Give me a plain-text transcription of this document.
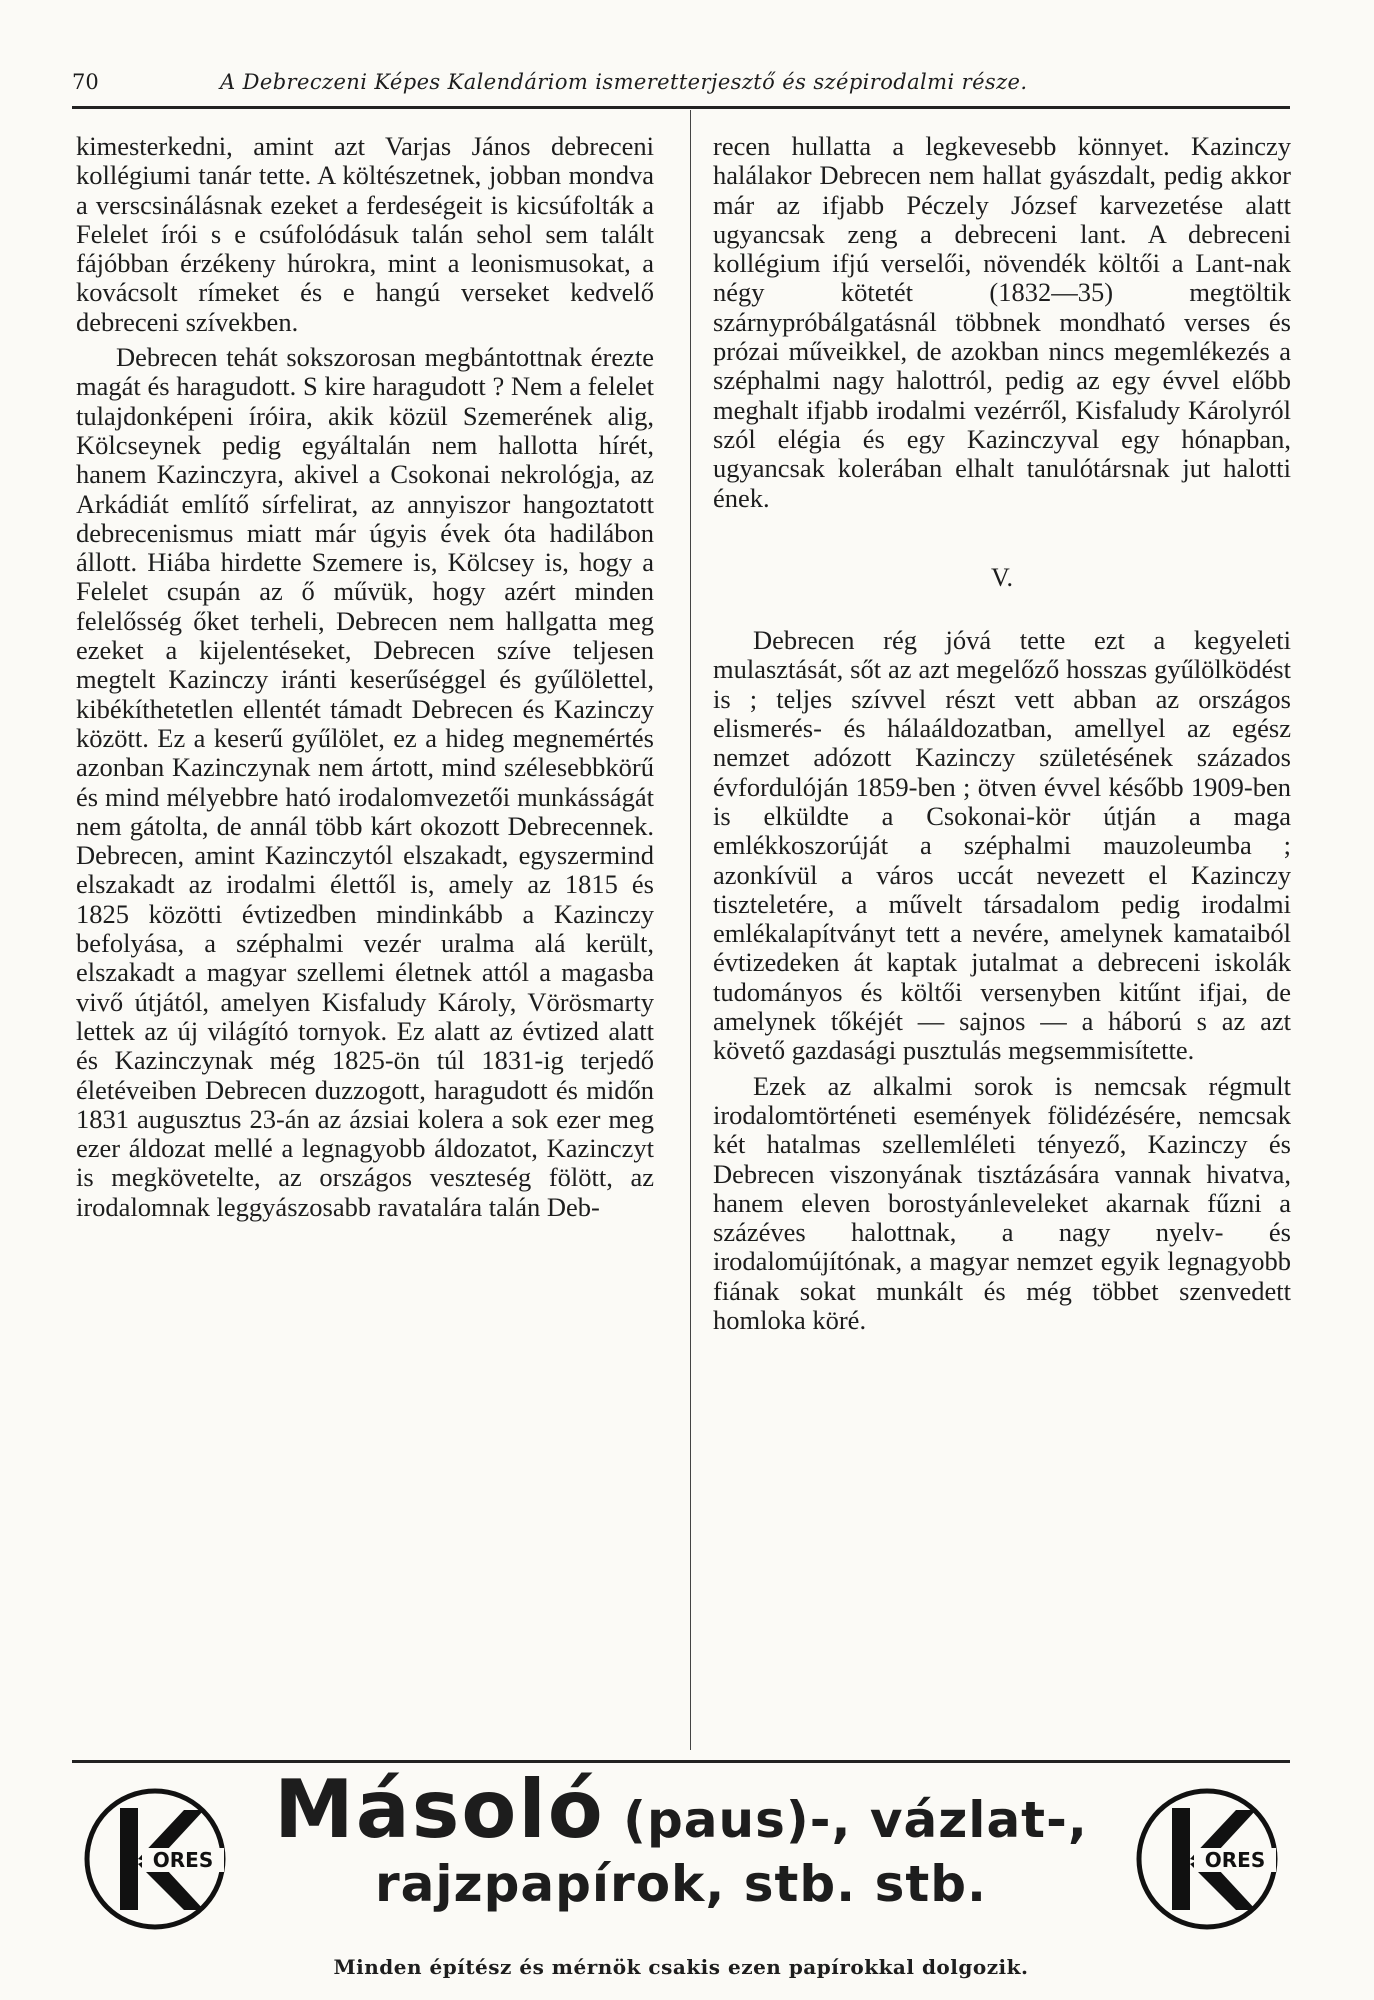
70	A Debreczeni Képes Kalendáriom ismeretterjesztő és szépirodalmi része.

kimesterkedni, amint azt Varjas János debreceni kollégiumi tanár tette. A költészetnek, jobban mondva a verscsinálásnak ezeket a ferdeségeit is kicsúfolták a Felelet írói s e csúfolódásuk talán sehol sem talált fájóbban érzékeny húrokra, mint a leonismusokat, a kovácsolt rímeket és e hangú verseket kedvelő debreceni szívekben.

Debrecen tehát sokszorosan megbántottnak érezte magát és haragudott. S kire haragudott ? Nem a felelet tulajdonképeni íróira, akik közül Szemerének alig, Kölcseynek pedig egyáltalán nem hallotta hírét, hanem Kazinczyra, akivel a Csokonai nekrológja, az Arkádiát említő sírfelirat, az annyiszor hangoztatott debrecenismus miatt már úgyis évek óta hadilábon állott. Hiába hirdette Szemere is, Kölcsey is, hogy a Felelet csupán az ő művük, hogy azért minden felelősség őket terheli, Debrecen nem hallgatta meg ezeket a kijelentéseket, Debrecen szíve teljesen megtelt Kazinczy iránti keserűséggel és gyűlölettel, kibékíthetetlen ellentét támadt Debrecen és Kazinczy között. Ez a keserű gyűlölet, ez a hideg megnemértés azonban Kazinczynak nem ártott, mind szélesebbkörű és mind mélyebbre ható irodalomvezetői munkásságát nem gátolta, de annál több kárt okozott Debrecennek. Debrecen, amint Kazinczytól elszakadt, egyszermind elszakadt az irodalmi élettől is, amely az 1815 és 1825 közötti évtizedben mindinkább a Kazinczy befolyása, a széphalmi vezér uralma alá került, elszakadt a magyar szellemi életnek attól a magasba vivő útjától, amelyen Kisfaludy Károly, Vörösmarty lettek az új világító tornyok. Ez alatt az évtized alatt és Kazinczynak még 1825-ön túl 1831-ig terjedő életéveiben Debrecen duzzogott, haragudott és midőn 1831 augusztus 23-án az ázsiai kolera a sok ezer meg ezer áldozat mellé a legnagyobb áldozatot, Kazinczyt is megkövetelte, az országos veszteség fölött, az irodalomnak leggyászosabb ravatalára talán Deb-

recen hullatta a legkevesebb könnyet. Kazinczy halálakor Debrecen nem hallat gyászdalt, pedig akkor már az ifjabb Péczely József karvezetése alatt ugyancsak zeng a debreceni lant. A debreceni kollégium ifjú verselői, növendék költői a Lant-nak négy kötetét (1832—35) megtöltik szárnypróbálgatásnál többnek mondható verses és prózai műveikkel, de azokban nincs megemlékezés a széphalmi nagy halottról, pedig az egy évvel előbb meghalt ifjabb irodalmi vezérről, Kisfaludy Károlyról szól elégia és egy Kazinczyval egy hónapban, ugyancsak kolerában elhalt tanulótársnak jut halotti ének.

V.

Debrecen rég jóvá tette ezt a kegyeleti mulasztását, sőt az azt megelőző hosszas gyűlölködést is ; teljes szívvel részt vett abban az országos elismerés- és hálaáldozatban, amellyel az egész nemzet adózott Kazinczy születésének százados évfordulóján 1859-ben ; ötven évvel később 1909-ben is elküldte a Csokonai-kör útján a maga emlékkoszorúját a széphalmi mauzoleumba ; azonkívül a város uccát nevezett el Kazinczy tiszteletére, a művelt társadalom pedig irodalmi emlékalapítványt tett a nevére, amelynek kamataiból évtizedeken át kaptak jutalmat a debreceni iskolák tudományos és költői versenyben kitűnt ifjai, de amelynek tőkéjét — sajnos — a háború s az azt követő gazdasági pusztulás megsemmisítette.

Ezek az alkalmi sorok is nemcsak régmult irodalomtörténeti események fölidézésére, nemcsak két hatalmas szellemléleti tényező, Kazinczy és Debrecen viszonyának tisztázására vannak hivatva, hanem eleven borostyánleveleket akarnak fűzni a százéves halottnak, a nagy nyelv- és irodalomújítónak, a magyar nemzet egyik legnagyobb fiának sokat munkált és még többet szenvedett homloka köré.

ORES
Másoló (paus)-, vázlat-,
rajzpapírok, stb. stb.	ORES
Minden építész és mérnök csakis ezen papírokkal dolgozik.
